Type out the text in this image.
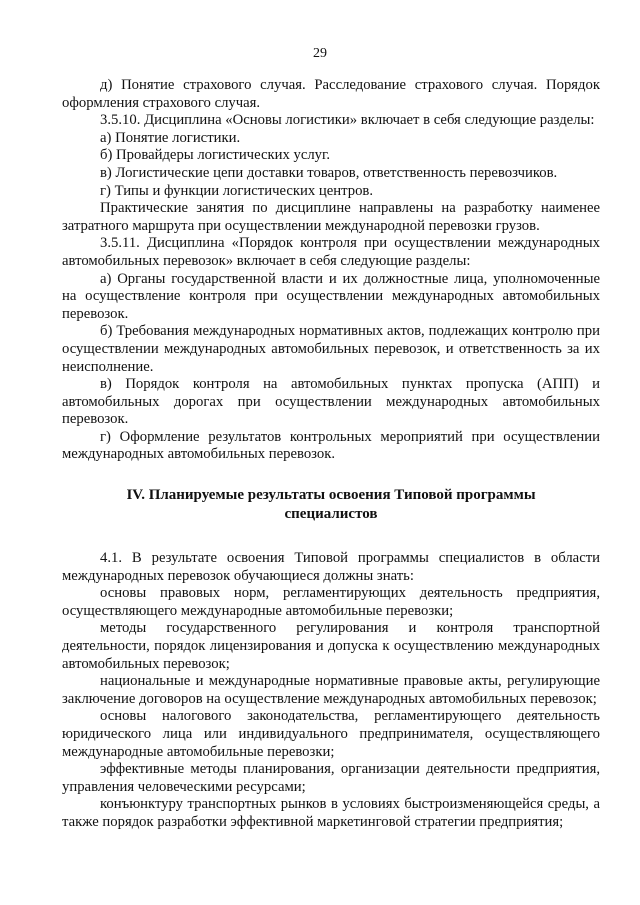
29

д) Понятие страхового случая. Расследование страхового случая. Порядок оформления страхового случая.

3.5.10. Дисциплина «Основы логистики» включает в себя следующие разделы:

а) Понятие логистики.

б) Провайдеры логистических услуг.

в) Логистические цепи доставки товаров, ответственность перевозчиков.

г) Типы и функции логистических центров.

Практические занятия по дисциплине направлены на разработку наименее затратного маршрута при осуществлении международной перевозки грузов.

3.5.11. Дисциплина «Порядок контроля при осуществлении международных автомобильных перевозок» включает в себя следующие разделы:

а) Органы государственной власти и их должностные лица, уполномоченные на осуществление контроля при осуществлении международных автомобильных перевозок.

б) Требования международных нормативных актов, подлежащих контролю при осуществлении международных автомобильных перевозок, и ответственность за их неисполнение.

в) Порядок контроля на автомобильных пунктах пропуска (АПП) и автомобильных дорогах при осуществлении международных автомобильных перевозок.

г) Оформление результатов контрольных мероприятий при осуществлении международных автомобильных перевозок.

IV. Планируемые результаты освоения Типовой программы специалистов

4.1. В результате освоения Типовой программы специалистов в области международных перевозок обучающиеся должны знать:

основы правовых норм, регламентирующих деятельность предприятия, осуществляющего международные автомобильные перевозки;

методы государственного регулирования и контроля транспортной деятельности, порядок лицензирования и допуска к осуществлению международных автомобильных перевозок;

национальные и международные нормативные правовые акты, регулирующие заключение договоров на осуществление международных автомобильных перевозок;

основы налогового законодательства, регламентирующего деятельность юридического лица или индивидуального предпринимателя, осуществляющего международные автомобильные перевозки;

эффективные методы планирования, организации деятельности предприятия, управления человеческими ресурсами;

конъюнктуру транспортных рынков в условиях быстроизменяющейся среды, а также порядок разработки эффективной маркетинговой стратегии предприятия;
